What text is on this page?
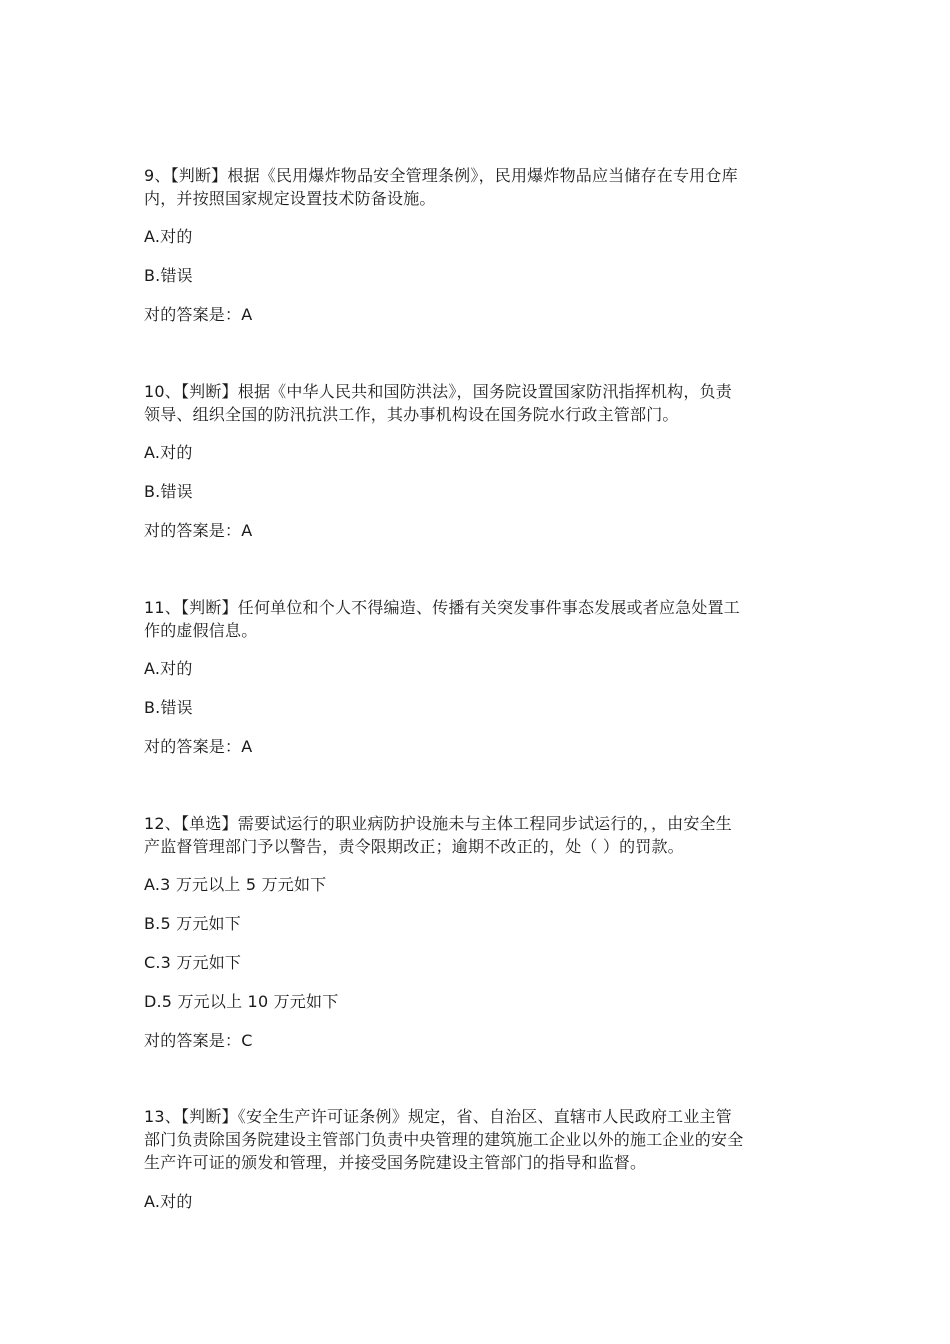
9、【判断】根据《民用爆炸物品安全管理条例》，民用爆炸物品应当储存在专用仓库
内，并按照国家规定设置技术防备设施。
A.对的
B.错误
对的答案是：A
10、【判断】根据《中华人民共和国防洪法》，国务院设置国家防汛指挥机构，负责
领导、组织全国的防汛抗洪工作，其办事机构设在国务院水行政主管部门。
A.对的
B.错误
对的答案是：A
11、【判断】任何单位和个人不得编造、传播有关突发事件事态发展或者应急处置工
作的虚假信息。
A.对的
B.错误
对的答案是：A
12、【单选】需要试运行的职业病防护设施未与主体工程同步试运行的，，由安全生
产监督管理部门予以警告，责令限期改正；逾期不改正的，处（ ）的罚款。
A.3 万元以上 5 万元如下
B.5 万元如下
C.3 万元如下
D.5 万元以上 10 万元如下
对的答案是：C
13、【判断】《安全生产许可证条例》规定，省、自治区、直辖市人民政府工业主管
部门负责除国务院建设主管部门负责中央管理的建筑施工企业以外的施工企业的安全
生产许可证的颁发和管理，并接受国务院建设主管部门的指导和监督。
A.对的
